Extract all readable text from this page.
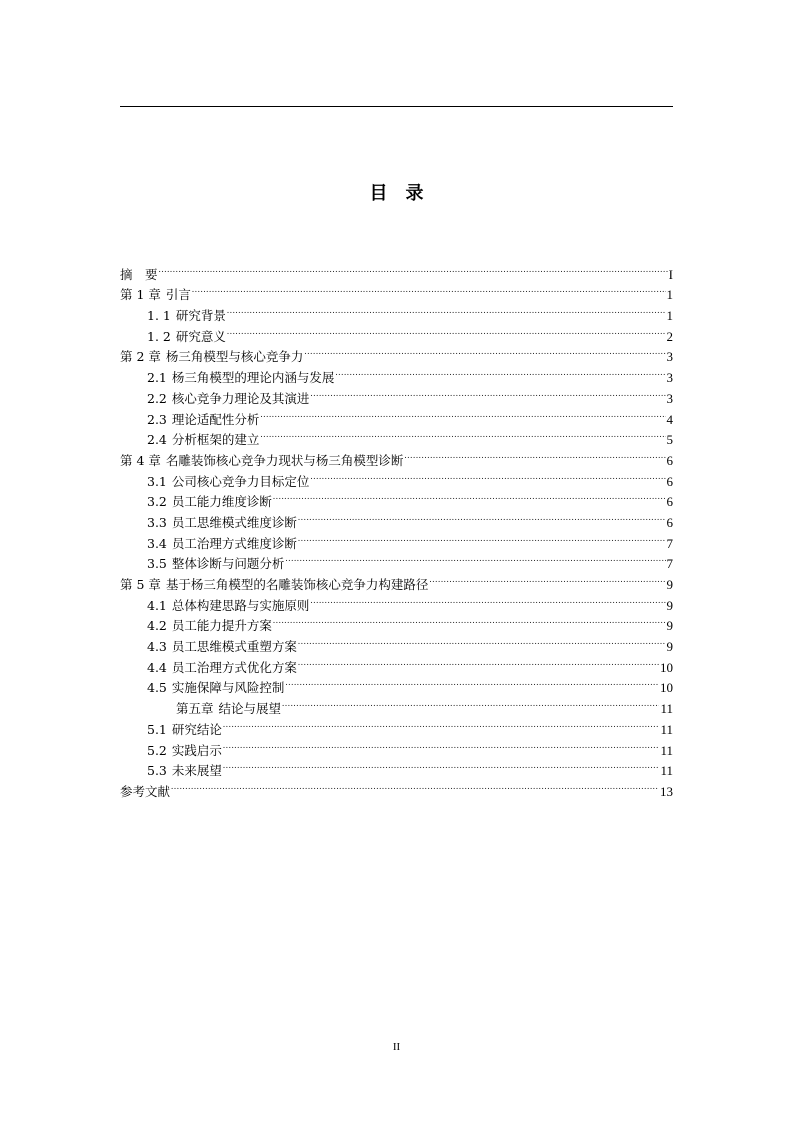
目 录
摘　要 .....	I
第 1 章 引言 .....	1
1. 1 研究背景 .....	1
1. 2 研究意义 .....	2
第 2 章 杨三角模型与核心竞争力 .....	3
2.1 杨三角模型的理论内涵与发展 .....	3
2.2 核心竞争力理论及其演进 .....	3
2.3 理论适配性分析 .....	4
2.4 分析框架的建立 .....	5
第 4 章 名雕装饰核心竞争力现状与杨三角模型诊断 .....	6
3.1 公司核心竞争力目标定位 .....	6
3.2 员工能力维度诊断 .....	6
3.3 员工思维模式维度诊断 .....	6
3.4 员工治理方式维度诊断 .....	7
3.5 整体诊断与问题分析 .....	7
第 5 章 基于杨三角模型的名雕装饰核心竞争力构建路径 .....	9
4.1 总体构建思路与实施原则 .....	9
4.2 员工能力提升方案 .....	9
4.3 员工思维模式重塑方案 .....	9
4.4 员工治理方式优化方案 .....	10
4.5 实施保障与风险控制 .....	10
第五章 结论与展望 .....	11
5.1 研究结论 .....	11
5.2 实践启示 .....	11
5.3 未来展望 .....	11
参考文献 .....	13
II
